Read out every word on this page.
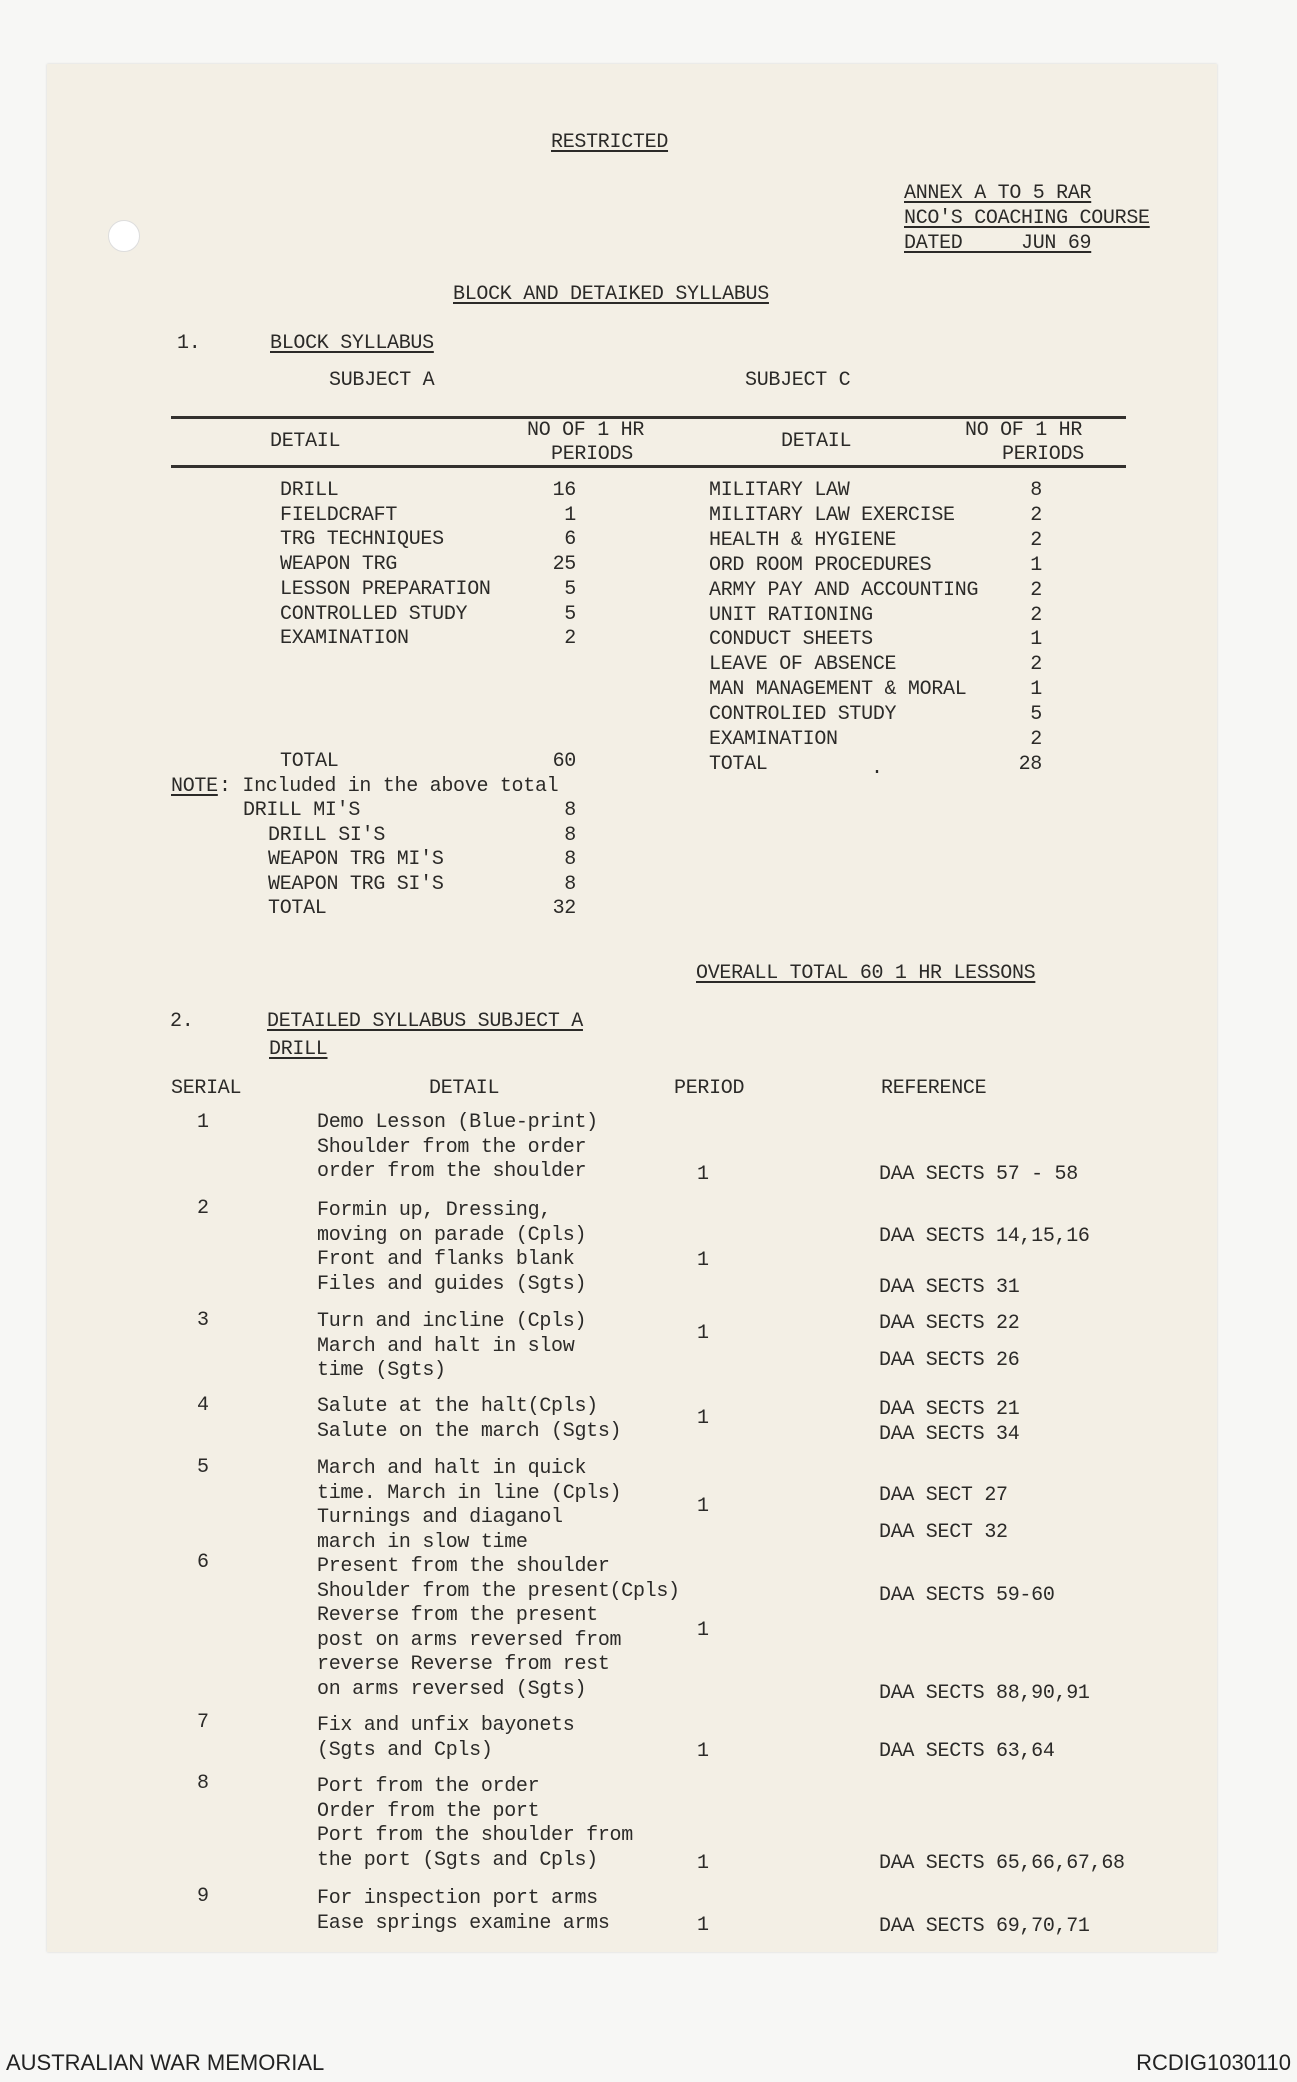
RESTRICTED
ANNEX A TO 5 RAR
NCO'S COACHING COURSE
DATED     JUN 69
BLOCK AND DETAIKED SYLLABUS
1.	BLOCK SYLLABUS
SUBJECT A	SUBJECT C
DETAIL	NO OF 1 HR
PERIODS
DETAIL	NO OF 1 HR
PERIODS
DRILL	16
FIELDCRAFT	1
TRG TECHNIQUES	6
WEAPON TRG	25
LESSON PREPARATION	5
CONTROLLED STUDY	5
EXAMINATION	2
TOTAL	60
MILITARY LAW	8
MILITARY LAW EXERCISE	2
HEALTH & HYGIENE	2
ORD ROOM PROCEDURES	1
ARMY PAY AND ACCOUNTING	2
UNIT RATIONING	2
CONDUCT SHEETS	1
LEAVE OF ABSENCE	2
MAN MANAGEMENT & MORAL	1
CONTROLIED STUDY	5
EXAMINATION	2
TOTAL	28
.
NOTE : Included in the above total
DRILL MI'S	8
DRILL SI'S	8
WEAPON TRG MI'S	8
WEAPON TRG SI'S	8
TOTAL	32
OVERALL TOTAL 60 1 HR LESSONS
2.	DETAILED SYLLABUS SUBJECT A
DRILL
SERIAL	DETAIL	PERIOD	REFERENCE
1	Demo Lesson (Blue-print)
Shoulder from the order
order from the shoulder	1	DAA SECTS 57 - 58
2	Formin up, Dressing,
moving on parade (Cpls)
Front and flanks blank
Files and guides (Sgts)
1
DAA SECTS 14,15,16
DAA SECTS 31
3	Turn and incline (Cpls)
March and halt in slow
time (Sgts)
1	DAA SECTS 22
DAA SECTS 26
4	Salute at the halt(Cpls)
Salute on the march (Sgts)
1	DAA SECTS 21
DAA SECTS 34
5	March and halt in quick
time. March in line (Cpls)
Turnings and diaganol
march in slow time
1	DAA SECT 27
DAA SECT 32
6	Present from the shoulder
Shoulder from the present(Cpls)
Reverse from the present
post on arms reversed from
reverse Reverse from rest
on arms reversed (Sgts)
1
DAA SECTS 59-60
DAA SECTS 88,90,91
7	Fix and unfix bayonets
(Sgts and Cpls)	1	DAA SECTS 63,64
8	Port from the order
Order from the port
Port from the shoulder from
the port (Sgts and Cpls)	1	DAA SECTS 65,66,67,68
9	For inspection port arms
Ease springs examine arms	1	DAA SECTS 69,70,71
AUSTRALIAN WAR MEMORIAL	RCDIG1030110
